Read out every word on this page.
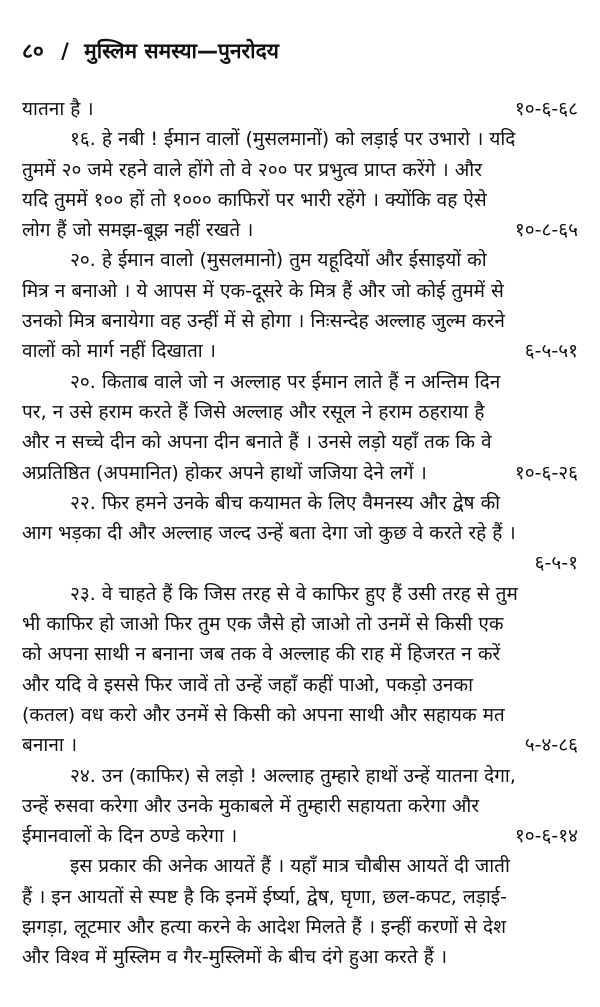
८० / मुस्लिम समस्या—पुनरोदय
यातना है ।	१०-६-६८
१६. हे नबी ! ईमान वालों (मुसलमानों) को लड़ाई पर उभारो । यदि
तुममें २० जमे रहने वाले होंगे तो वे २०० पर प्रभुत्व प्राप्त करेंगे । और
यदि तुममें १०० हों तो १००० काफिरों पर भारी रहेंगे । क्योंकि वह ऐसे
लोग हैं जो समझ-बूझ नहीं रखते ।	१०-८-६५
२०. हे ईमान वालो (मुसलमानो) तुम यहूदियों और ईसाइयों को
मित्र न बनाओ । ये आपस में एक-दूसरे के मित्र हैं और जो कोई तुममें से
उनको मित्र बनायेगा वह उन्हीं में से होगा । निःसन्देह अल्लाह जुल्म करने
वालों को मार्ग नहीं दिखाता ।	६-५-५१
२०. किताब वाले जो न अल्लाह पर ईमान लाते हैं न अन्तिम दिन
पर, न उसे हराम करते हैं जिसे अल्लाह और रसूल ने हराम ठहराया है
और न सच्चे दीन को अपना दीन बनाते हैं । उनसे लड़ो यहाँ तक कि वे
अप्रतिष्ठित (अपमानित) होकर अपने हाथों जजिया देने लगें ।	१०-६-२६
२२. फिर हमने उनके बीच कयामत के लिए वैमनस्य और द्वेष की
आग भड़का दी और अल्लाह जल्द उन्हें बता देगा जो कुछ वे करते रहे हैं ।
६-५-१
२३. वे चाहते हैं कि जिस तरह से वे काफिर हुए हैं उसी तरह से तुम
भी काफिर हो जाओ फिर तुम एक जैसे हो जाओ तो उनमें से किसी एक
को अपना साथी न बनाना जब तक वे अल्लाह की राह में हिजरत न करें
और यदि वे इससे फिर जावें तो उन्हें जहाँ कहीं पाओ, पकड़ो उनका
(कतल) वध करो और उनमें से किसी को अपना साथी और सहायक मत
बनाना ।	५-४-८६
२४. उन (काफिर) से लड़ो ! अल्लाह तुम्हारे हाथों उन्हें यातना देगा,
उन्हें रुसवा करेगा और उनके मुकाबले में तुम्हारी सहायता करेगा और
ईमानवालों के दिन ठण्डे करेगा ।	१०-६-१४
इस प्रकार की अनेक आयतें हैं । यहाँ मात्र चौबीस आयतें दी जाती
हैं । इन आयतों से स्पष्ट है कि इनमें ईर्ष्या, द्वेष, घृणा, छल-कपट, लड़ाई-
झगड़ा, लूटमार और हत्या करने के आदेश मिलते हैं । इन्हीं करणों से देश
और विश्व में मुस्लिम व गैर-मुस्लिमों के बीच दंगे हुआ करते हैं ।
